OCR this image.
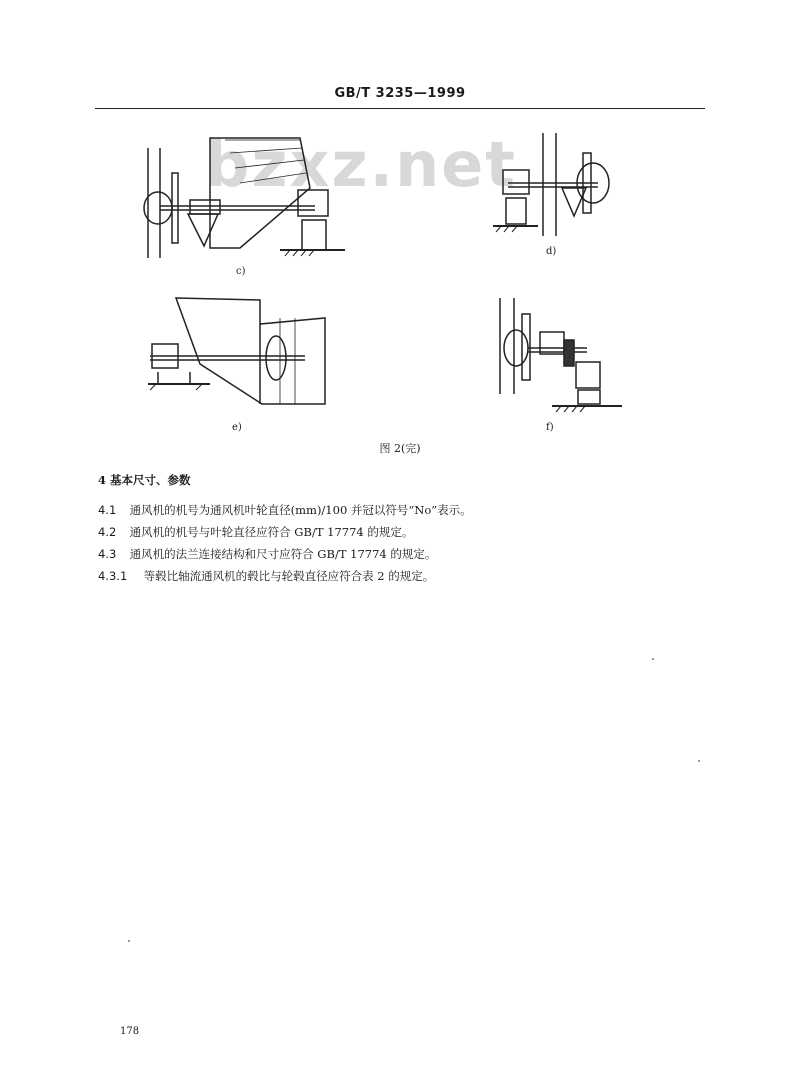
GB/T 3235—1999
bzxz.net
c)
d)
e)	f)
图 2(完)
4 基本尺寸、参数
4.1 通风机的机号为通风机叶轮直径(mm)/100 并冠以符号“No”表示。
4.2 通风机的机号与叶轮直径应符合 GB/T 17774 的规定。
4.3 通风机的法兰连接结构和尺寸应符合 GB/T 17774 的规定。
4.3.1 等毂比轴流通风机的毂比与轮毂直径应符合表 2 的规定。
178
